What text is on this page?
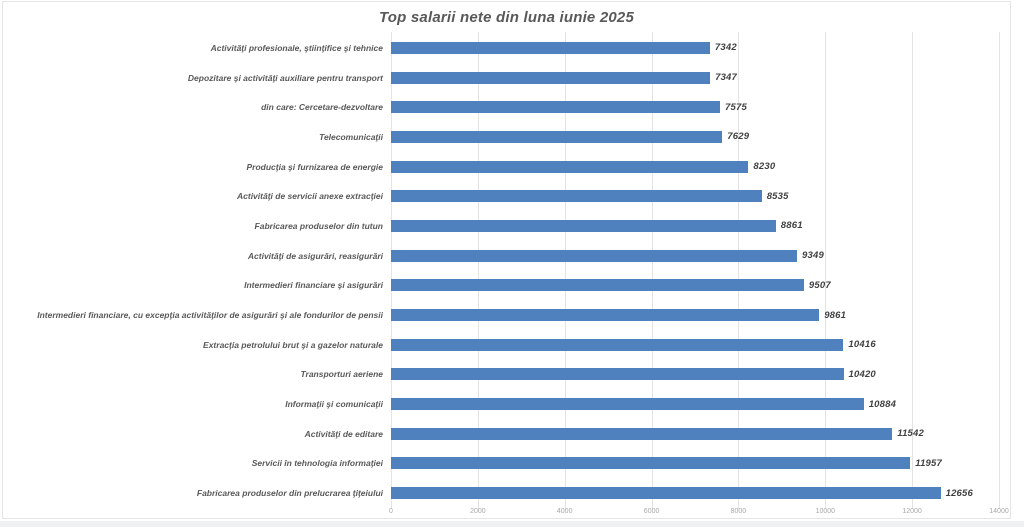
Top salarii nete din luna iunie 2025
Activităţi profesionale, ştiinţifice şi tehnice	7342
Depozitare şi activităţi auxiliare pentru transport	7347
din care: Cercetare-dezvoltare	7575
Telecomunicaţii	7629
Producţia şi furnizarea de energie	8230
Activităţi de servicii anexe extracţiei	8535
Fabricarea produselor din tutun	8861
Activităţi de asigurări, reasigurări	9349
Intermedieri financiare şi asigurări	9507
Intermedieri financiare, cu excepţia activităţilor de asigurări şi ale fondurilor de pensii	9861
Extracţia petrolului brut şi a gazelor naturale	10416
Transporturi aeriene	10420
Informaţii şi comunicaţii	10884
Activităţi de editare	11542
Servicii în tehnologia informaţiei	11957
Fabricarea produselor din prelucrarea ţiţeiului	12656
0	2000	4000	6000	8000	10000	12000	14000
